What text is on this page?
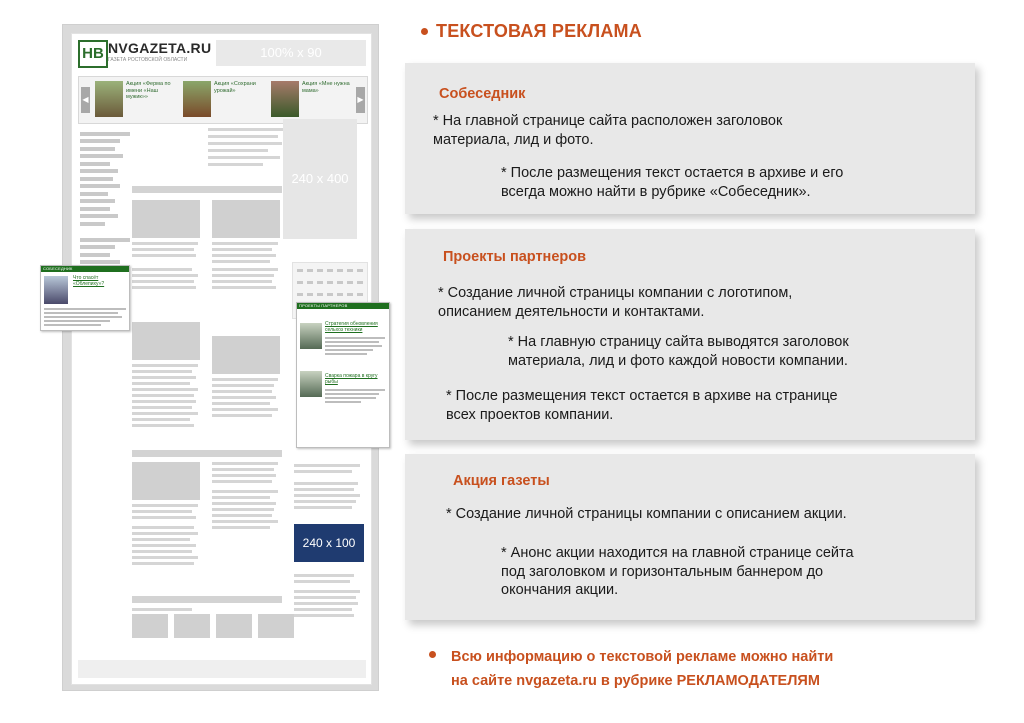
НВ NVGAZETA.RU
ГАЗЕТА РОСТОВСКОЙ ОБЛАСТИ	100% x 90
◀
Акция «Ферма по имени «Наш мужик»»
Акция «Сохрани урожай»
Акция «Мне нужна мама»
▶
240 x 100
240 x 400
СОБЕСЕДНИК
Что спасёт «Облепиху»?
ПРОЕКТЫ ПАРТНЕРОВ
Стратегия обновления сельхоз техники
Сварка пожара в кругу рыбы
ТЕКСТОВАЯ РЕКЛАМА
Собеседник
* На главной странице сайта расположен заголовок
материала, лид и фото.
* После размещения текст остается в архиве и его
всегда можно найти в рубрике «Собеседник».
Проекты партнеров
* Создание личной страницы компании с логотипом,
описанием деятельности и контактами.
* На главную страницу сайта выводятся заголовок
материала, лид и фото каждой новости компании.
* После размещения текст остается в архиве на странице
всех проектов компании.
Акция газеты
* Создание личной страницы компании с описанием акции.
* Анонс акции находится на главной странице сейта
под заголовком и горизонтальным баннером до
окончания акции.
Всю информацию о текстовой рекламе можно найти
на сайте nvgazeta.ru в рубрике РЕКЛАМОДАТЕЛЯМ
